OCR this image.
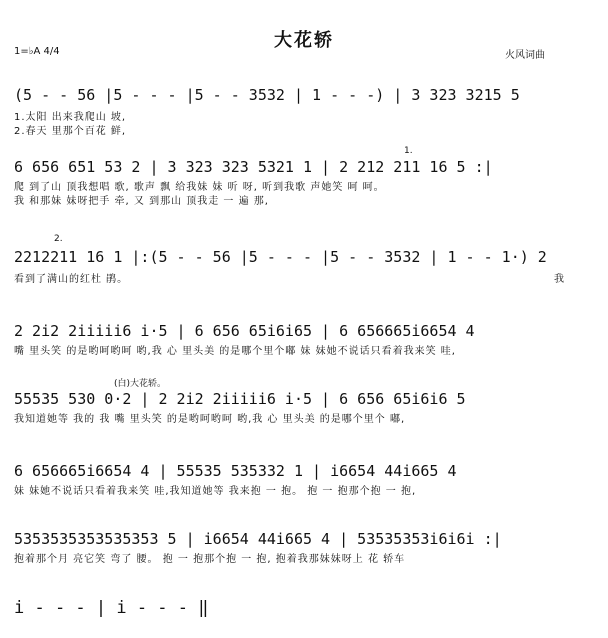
大花轿
1=♭A 4/4	火风词曲
(5 - - 56 |5 - - - |5 - - 3532 | 1 - - -) | 3 323 3215 5
1.太阳 出来我爬山 坡,
2.春天 里那个百花 鲜,
1.
6 656 651 53 2 | 3 323 323 5321 1 | 2 212 211 16 5 :|
爬 到了山 顶我想唱 歌, 歌声 飘 给我妹 妹 听 呀, 听到我歌 声她笑 呵 呵。
我 和那妹 妹呀把手 牵, 又 到那山 顶我走 一 遍 那,
2.
2212211 16 1 |:(5 - - 56 |5 - - - |5 - - 3532 | 1 - - 1·) 2
看到了满山的红杜 鹃。	我
2 2i2 2iiiii6 i·5 | 6 656 65i6i65 | 6 656665i6654 4
嘴 里头笑 的是哟呵哟呵 哟,我 心 里头美 的是哪个里个嘟 妹 妹她不说话只看着我来笑 哇,
(白)大花轿。
55535 530 0·2 | 2 2i2 2iiiii6 i·5 | 6 656 65i6i6 5
我知道她等 我的 我 嘴 里头笑 的是哟呵哟呵 哟,我 心 里头美 的是哪个里个 嘟,
6 656665i6654 4 | 55535 535332 1 | i6654 44i665 4
妹 妹她不说话只看着我来笑 哇,我知道她等 我来抱 一 抱。 抱 一 抱那个抱 一 抱,
5353535353535353 5 | i6654 44i665 4 | 53535353i6i6i :|
抱着那个月 亮它笑 弯了 腰。 抱 一 抱那个抱 一 抱, 抱着我那妹妹呀上 花 轿车
i - - - | i - - - ‖
